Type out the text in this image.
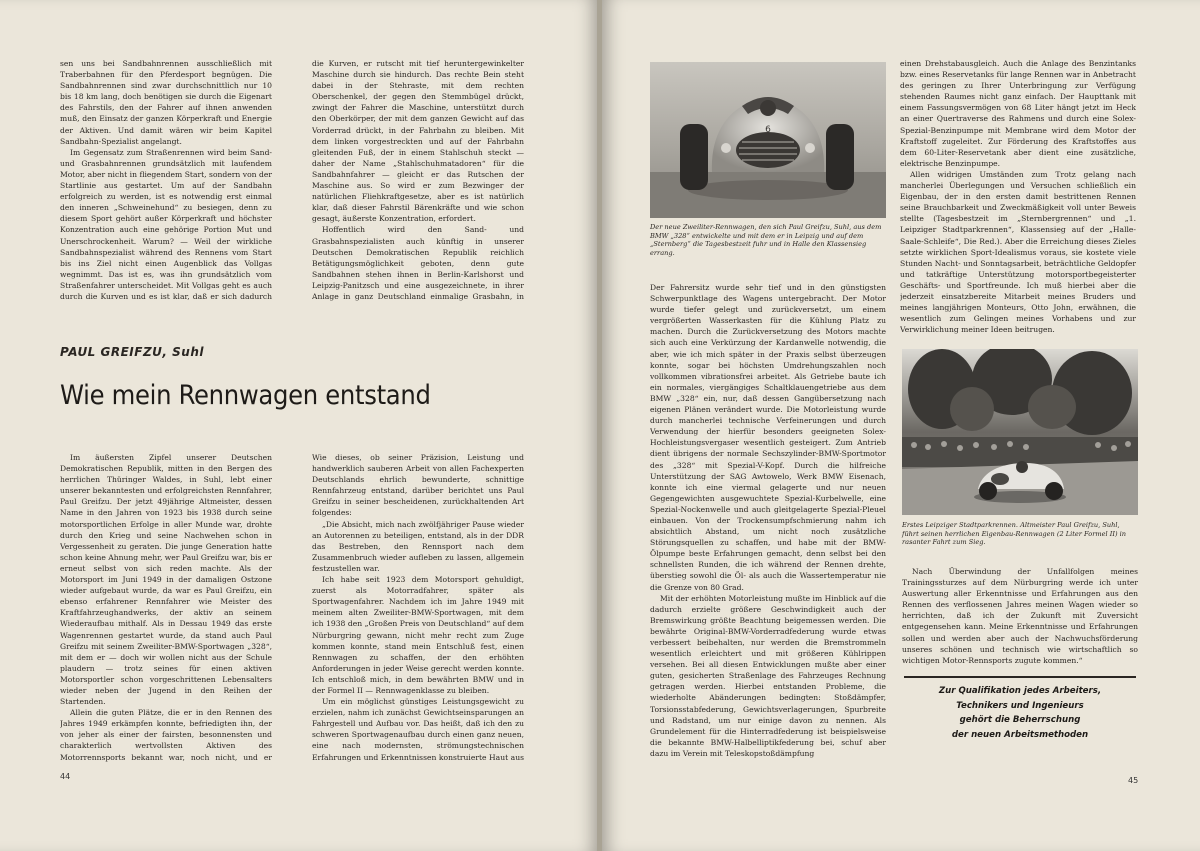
sen uns bei Sandbahnrennen ausschließlich mit Traberbahnen für den Pferdesport begnügen. Die Sandbahnrennen sind zwar durchschnittlich nur 10 bis 18 km lang, doch benötigen sie durch die Eigenart des Fahrstils, den der Fahrer auf ihnen anwenden muß, den Einsatz der ganzen Körperkraft und Energie der Aktiven. Und damit wären wir beim Kapitel Sandbahn-Spezialist angelangt.

Im Gegensatz zum Straßenrennen wird beim Sand- und Grasbahnrennen grundsätzlich mit laufendem Motor, aber nicht in fliegendem Start, sondern von der Startlinie aus gestartet. Um auf der Sandbahn erfolgreich zu werden, ist es notwendig erst einmal den inneren „Schweinehund“ zu besiegen, denn zu diesem Sport gehört außer Körperkraft und höchster Konzentration auch eine gehörige Portion Mut und Unerschrockenheit. Warum? — Weil der wirkliche Sandbahnspezialist während des Rennens vom Start bis ins Ziel nicht einen Augenblick das Vollgas wegnimmt. Das ist es, was ihn grundsätzlich vom Straßenfahrer unterscheidet. Mit Vollgas geht es auch durch die Kurven und es ist klar, daß er sich dadurch

die Kurven, er rutscht mit tief heruntergewinkelter Maschine durch sie hindurch. Das rechte Bein steht dabei in der Stehraste, mit dem rechten Oberschenkel, der gegen den Stemmbügel drückt, zwingt der Fahrer die Maschine, unterstützt durch den Oberkörper, der mit dem ganzen Gewicht auf das Vorderrad drückt, in der Fahrbahn zu bleiben. Mit dem linken vorgestreckten und auf der Fahrbahn gleitenden Fuß, der in einem Stahlschuh steckt — daher der Name „Stahlschuhmatadoren“ für die Sandbahnfahrer — gleicht er das Rutschen der Maschine aus. So wird er zum Bezwinger der natürlichen Fliehkraftgesetze, aber es ist natürlich klar, daß dieser Fahrstil Bärenkräfte und wie schon gesagt, äußerste Konzentration, erfordert.

Hoffentlich wird den Sand- und Grasbahnspezialisten auch künftig in unserer Deutschen Demokratischen Republik reichlich Betätigungsmöglichkeit geboten, denn gute Sandbahnen stehen ihnen in Berlin-Karlshorst und Leipzig-Panitzsch und eine ausgezeichnete, in ihrer Anlage in ganz Deutschland einmalige Grasbahn, in

PAUL GREIFZU, Suhl
Wie mein Rennwagen entstand

Im äußersten Zipfel unserer Deutschen Demokratischen Republik, mitten in den Bergen des herrlichen Thüringer Waldes, in Suhl, lebt einer unserer bekanntesten und erfolgreichsten Rennfahrer, Paul Greifzu. Der jetzt 49jährige Altmeister, dessen Name in den Jahren von 1923 bis 1938 durch seine motorsportlichen Erfolge in aller Munde war, drohte durch den Krieg und seine Nachwehen schon in Vergessenheit zu geraten. Die junge Generation hatte schon keine Ahnung mehr, wer Paul Greifzu war, bis er erneut selbst von sich reden machte. Als der Motorsport im Juni 1949 in der damaligen Ostzone wieder aufgebaut wurde, da war es Paul Greifzu, ein ebenso erfahrener Rennfahrer wie Meister des Kraftfahrzeughandwerks, der aktiv an seinem Wiederaufbau mithalf. Als in Dessau 1949 das erste Wagenrennen gestartet wurde, da stand auch Paul Greifzu mit seinem Zweiliter-BMW-Sportwagen „328“, mit dem er — doch wir wollen nicht aus der Schule plaudern — trotz seines für einen aktiven Motorsportler schon vorgeschrittenen Lebensalters wieder neben der Jugend in den Reihen der Startenden.

Allein die guten Plätze, die er in den Rennen des Jahres 1949 erkämpfen konnte, befriedigten ihn, der von jeher als einer der fairsten, besonnensten und charakterlich wertvollsten Aktiven des Motorrennsports bekannt war, noch nicht, und er

Wie dieses, ob seiner Präzision, Leistung und handwerklich sauberen Arbeit von allen Fachexperten Deutschlands ehrlich bewunderte, schnittige Rennfahrzeug entstand, darüber berichtet uns Paul Greifzu in seiner bescheidenen, zurückhaltenden Art folgendes:

„Die Absicht, mich nach zwölfjähriger Pause wieder an Autorennen zu beteiligen, entstand, als in der DDR das Bestreben, den Rennsport nach dem Zusammenbruch wieder aufleben zu lassen, allgemein festzustellen war.

Ich habe seit 1923 dem Motorsport gehuldigt, zuerst als Motorradfahrer, später als Sportwagenfahrer. Nachdem ich im Jahre 1949 mit meinem alten Zweiliter-BMW-Sportwagen, mit dem ich 1938 den „Großen Preis von Deutschland“ auf dem Nürburgring gewann, nicht mehr recht zum Zuge kommen konnte, stand mein Entschluß fest, einen Rennwagen zu schaffen, der den erhöhten Anforderungen in jeder Weise gerecht werden konnte. Ich entschloß mich, in dem bewährten BMW und in der Formel II — Rennwagenklasse zu bleiben.

Um ein möglichst günstiges Leistungsgewicht zu erzielen, nahm ich zunächst Gewichtseinsparungen an Fahrgestell und Aufbau vor. Das heißt, daß ich den zu schweren Sportwagenaufbau durch einen ganz neuen, eine nach modernsten, strömungstechnischen Erfahrungen und Erkenntnissen konstruierte Haut aus

44
6
Der neue Zweiliter-Rennwagen, den sich Paul Greifzu, Suhl, aus dem BMW „328“ entwickelte und mit dem er in Leipzig und auf dem „Sternberg“ die Tagesbestzeit fuhr und in Halle den Klassensieg errang.

Der Fahrersitz wurde sehr tief und in den günstigsten Schwerpunktlage des Wagens untergebracht. Der Motor wurde tiefer gelegt und zurückversetzt, um einem vergrößerten Wasserkasten für die Kühlung Platz zu machen. Durch die Zurückversetzung des Motors machte sich auch eine Verkürzung der Kardanwelle notwendig, die aber, wie ich mich später in der Praxis selbst überzeugen konnte, sogar bei höchsten Umdrehungszahlen noch vollkommen vibrationsfrei arbeitet. Als Getriebe baute ich ein normales, viergängiges Schaltklauengetriebe aus dem BMW „328“ ein, nur, daß dessen Gangübersetzung nach eigenen Plänen verändert wurde. Die Motorleistung wurde durch mancherlei technische Verfeinerungen und durch Verwendung der hierfür besonders geeigneten Solex-Hochleistungsvergaser wesentlich gesteigert. Zum Antrieb dient übrigens der normale Sechszylinder-BMW-Sportmotor des „328“ mit Spezial-V-Kopf. Durch die hilfreiche Unterstützung der SAG Awtowelo, Werk BMW Eisenach, konnte ich eine viermal gelagerte und nur neuen Gegengewichten ausgewuchtete Spezial-Kurbelwelle, eine Spezial-Nockenwelle und auch gleitgelagerte Spezial-Pleuel einbauen. Von der Trockensumpfschmierung nahm ich absichtlich Abstand, um nicht noch zusätzliche Störungsquellen zu schaffen, und habe mit der BMW-Ölpumpe beste Erfahrungen gemacht, denn selbst bei den schnellsten Runden, die ich während der Rennen drehte, überstieg sowohl die Öl- als auch die Wassertemperatur nie die Grenze von 80 Grad.

Mit der erhöhten Motorleistung mußte im Hinblick auf die dadurch erzielte größere Geschwindigkeit auch der Bremswirkung größte Beachtung beigemessen werden. Die bewährte Original-BMW-Vorderradfederung wurde etwas verbessert beibehalten, nur werden die Bremstrommeln wesentlich erleichtert und mit größeren Kühlrippen versehen. Bei all diesen Entwicklungen mußte aber einer guten, gesicherten Straßenlage des Fahrzeuges Rechnung getragen werden. Hierbei entstanden Probleme, die wiederholte Abänderungen bedingten: Stoßdämpfer, Torsionsstabfederung, Gewichtsverlagerungen, Spurbreite und Radstand, um nur einige davon zu nennen. Als Grundelement für die Hinterradfederung ist beispielsweise die bekannte BMW-Halbelliptikfederung bei, schuf aber dazu im Verein mit Teleskopstoßdämpfung

einen Drehstabausgleich. Auch die Anlage des Benzintanks bzw. eines Reservetanks für lange Rennen war in Anbetracht des geringen zu Ihrer Unterbringung zur Verfügung stehenden Raumes nicht ganz einfach. Der Haupttank mit einem Fassungsvermögen von 68 Liter hängt jetzt im Heck an einer Quertraverse des Rahmens und durch eine Solex-Spezial-Benzinpumpe mit Membrane wird dem Motor der Kraftstoff zugeleitet. Zur Förderung des Kraftstoffes aus dem 60-Liter-Reservetank aber dient eine zusätzliche, elektrische Benzinpumpe.

Allen widrigen Umständen zum Trotz gelang nach mancherlei Überlegungen und Versuchen schließlich ein Eigenbau, der in den ersten damit bestrittenen Rennen seine Brauchbarkeit und Zweckmäßigkeit voll unter Beweis stellte (Tagesbestzeit im „Sternbergrennen“ und „1. Leipziger Stadtparkrennen“, Klassensieg auf der „Halle-Saale-Schleife“, Die Red.). Aber die Erreichung dieses Zieles setzte wirklichen Sport-Idealismus voraus, sie kostete viele Stunden Nacht- und Sonntagsarbeit, beträchtliche Geldopfer und tatkräftige Unterstützung motorsportbegeisterter Geschäfts- und Sportfreunde. Ich muß hierbei aber die jederzeit einsatzbereite Mitarbeit meines Bruders und meines langjährigen Monteurs, Otto John, erwähnen, die wesentlich zum Gelingen meines Vorhabens und zur Verwirklichung meiner Ideen beitrugen.

Erstes Leipziger Stadtparkrennen. Altmeister Paul Greifzu, Suhl, führt seinen herrlichen Eigenbau-Rennwagen (2 Liter Formel II) in rasanter Fahrt zum Sieg.

Nach Überwindung der Unfallfolgen meines Trainingssturzes auf dem Nürburgring werde ich unter Auswertung aller Erkenntnisse und Erfahrungen aus den Rennen des verflossenen Jahres meinen Wagen wieder so herrichten, daß ich der Zukunft mit Zuversicht entgegensehen kann. Meine Erkenntnisse und Erfahrungen sollen und werden aber auch der Nachwuchsförderung unseres schönen und technisch wie wirtschaftlich so wichtigen Motor-Rennsports zugute kommen.“

Zur Qualifikation jedes Arbeiters,
Technikers und Ingenieurs
gehört die Beherrschung
der neuen Arbeitsmethoden
45
